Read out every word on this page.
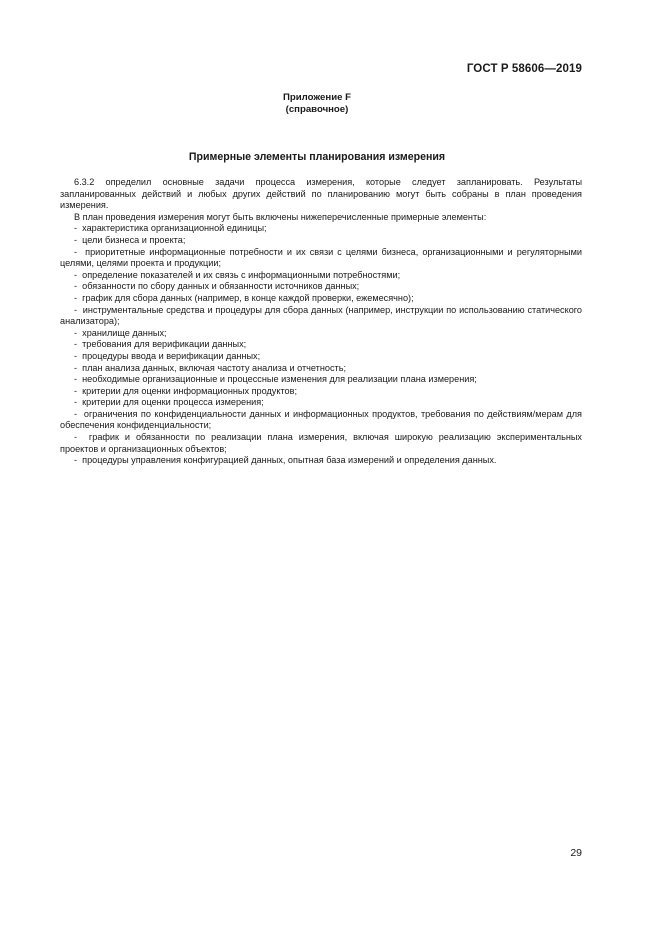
ГОСТ Р 58606—2019
Приложение F
(справочное)
Примерные элементы планирования измерения

6.3.2 определил основные задачи процесса измерения, которые следует запланировать. Результаты запланированных действий и любых других действий по планированию могут быть собраны в план проведения измерения.

В план проведения измерения могут быть включены нижеперечисленные примерные элементы:

- характеристика организационной единицы;
- цели бизнеса и проекта;
- приоритетные информационные потребности и их связи с целями бизнеса, организационными и регуляторными целями, целями проекта и продукции;
- определение показателей и их связь с информационными потребностями;
- обязанности по сбору данных и обязанности источников данных;
- график для сбора данных (например, в конце каждой проверки, ежемесячно);
- инструментальные средства и процедуры для сбора данных (например, инструкции по использованию статического анализатора);
- хранилище данных;
- требования для верификации данных;
- процедуры ввода и верификации данных;
- план анализа данных, включая частоту анализа и отчетность;
- необходимые организационные и процессные изменения для реализации плана измерения;
- критерии для оценки информационных продуктов;
- критерии для оценки процесса измерения;
- ограничения по конфиденциальности данных и информационных продуктов, требования по действиям/мерам для обеспечения конфиденциальности;
- график и обязанности по реализации плана измерения, включая широкую реализацию экспериментальных проектов и организационных объектов;
- процедуры управления конфигурацией данных, опытная база измерений и определения данных.
29
